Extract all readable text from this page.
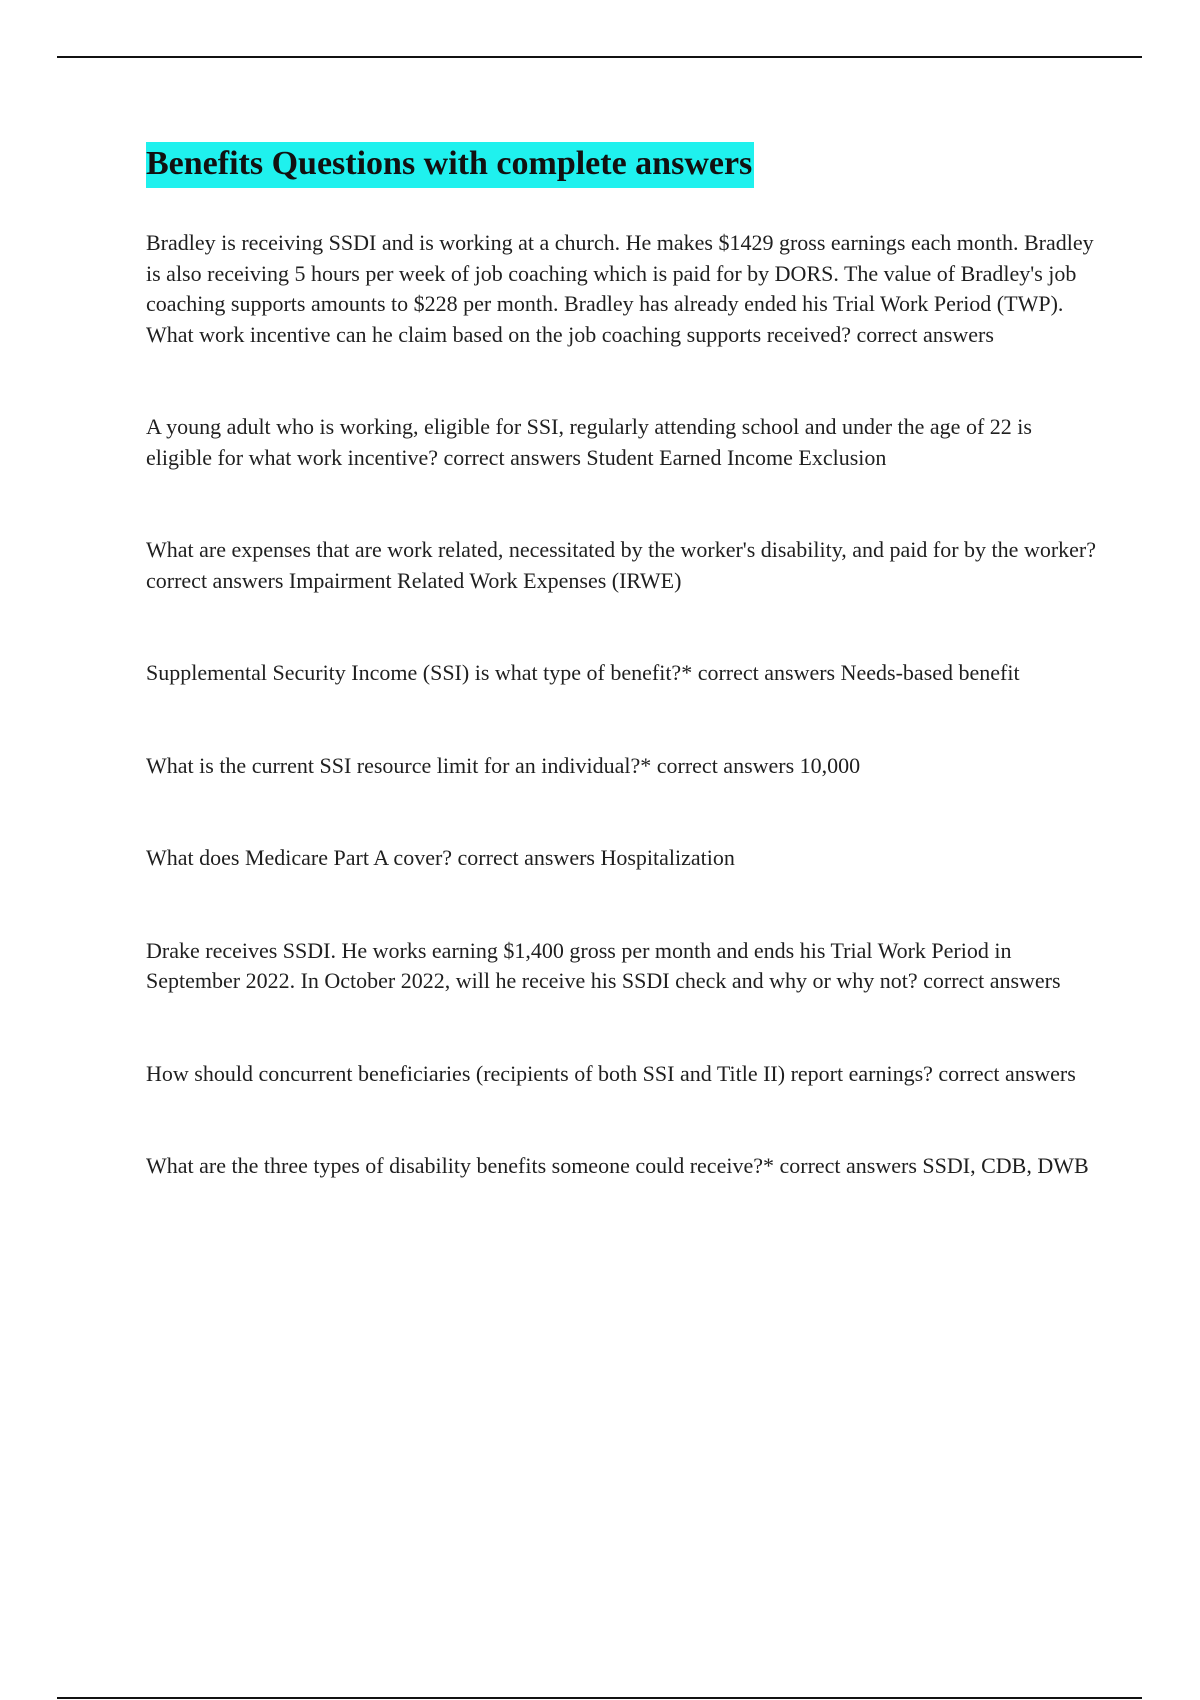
Benefits Questions with complete answers
Bradley is receiving SSDI and is working at a church. He makes $1429 gross earnings each month. Bradley is also receiving 5 hours per week of job coaching which is paid for by DORS. The value of Bradley's job coaching supports amounts to $228 per month. Bradley has already ended his Trial Work Period (TWP). What work incentive can he claim based on the job coaching supports received? correct answers
A young adult who is working, eligible for SSI, regularly attending school and under the age of 22 is eligible for what work incentive? correct answers Student Earned Income Exclusion
What are expenses that are work related, necessitated by the worker's disability, and paid for by the worker? correct answers Impairment Related Work Expenses (IRWE)
Supplemental Security Income (SSI) is what type of benefit?* correct answers Needs-based benefit
What is the current SSI resource limit for an individual?* correct answers 10,000
What does Medicare Part A cover? correct answers Hospitalization
Drake receives SSDI. He works earning $1,400 gross per month and ends his Trial Work Period in September 2022. In October 2022, will he receive his SSDI check and why or why not? correct answers
How should concurrent beneficiaries (recipients of both SSI and Title II) report earnings? correct answers
What are the three types of disability benefits someone could receive?* correct answers SSDI, CDB, DWB
